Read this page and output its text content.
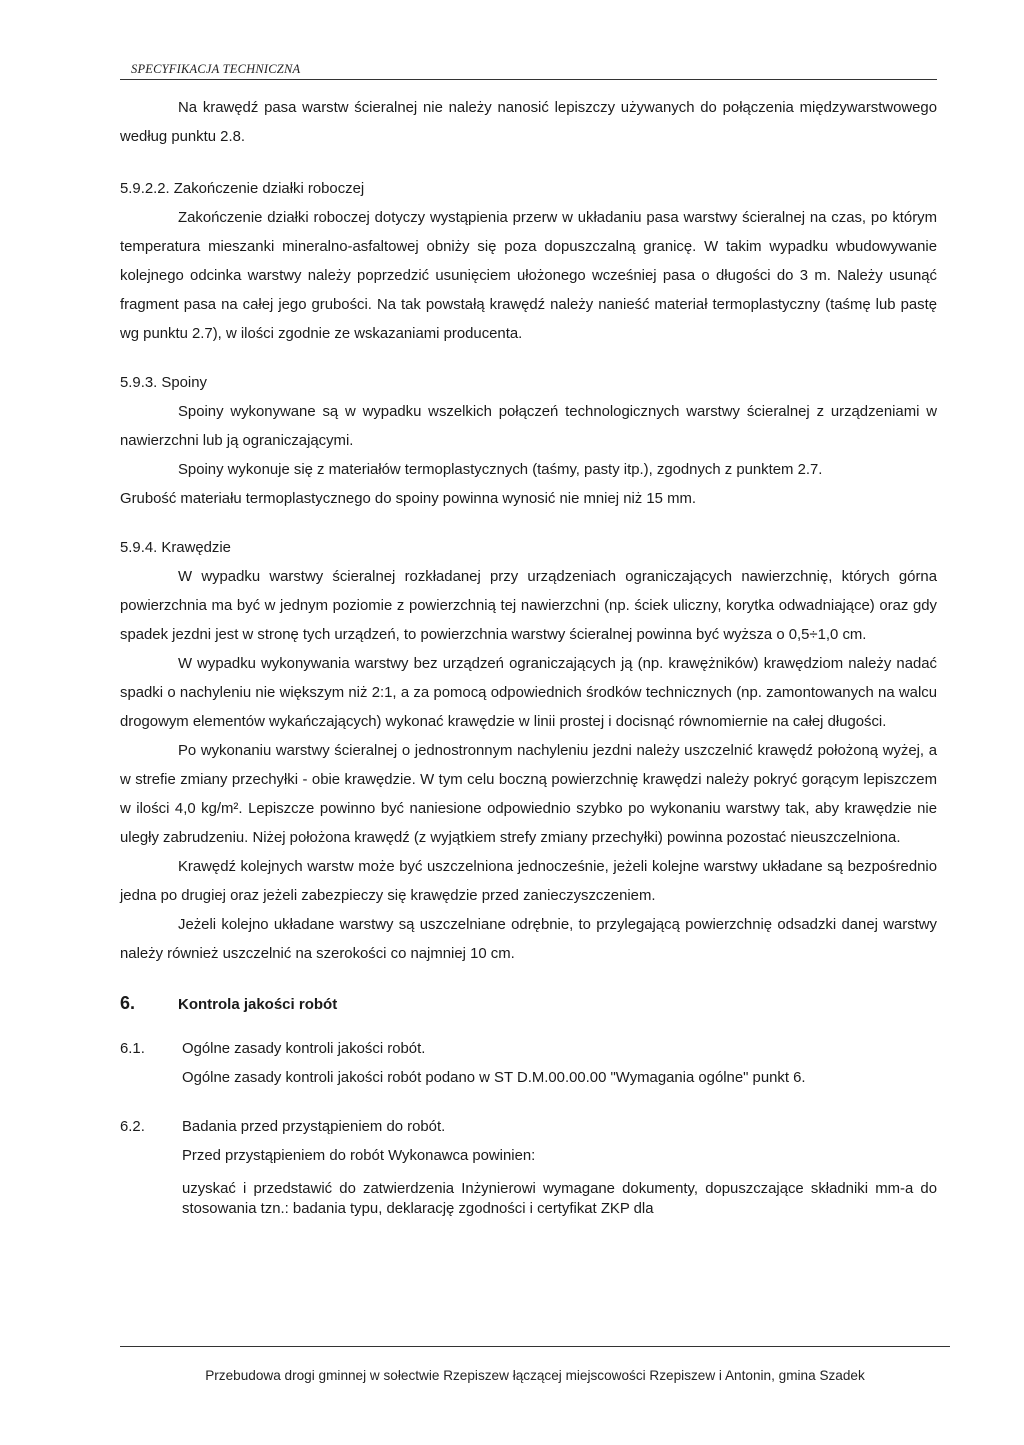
SPECYFIKACJA TECHNICZNA

Na krawędź pasa warstw ścieralnej nie należy nanosić lepiszczy używanych do połączenia międzywarstwowego według punktu 2.8.

5.9.2.2. Zakończenie działki roboczej

Zakończenie działki roboczej dotyczy wystąpienia przerw w układaniu pasa warstwy ścieralnej na czas, po którym temperatura mieszanki mineralno-asfaltowej obniży się poza dopuszczalną granicę. W takim wypadku wbudowywanie kolejnego odcinka warstwy należy poprzedzić usunięciem ułożonego wcześniej pasa o długości do 3 m. Należy usunąć fragment pasa na całej jego grubości. Na tak powstałą krawędź należy nanieść materiał termoplastyczny (taśmę lub pastę wg punktu 2.7), w ilości zgodnie ze wskazaniami producenta.

5.9.3. Spoiny

Spoiny wykonywane są w wypadku wszelkich połączeń technologicznych warstwy ścieralnej z urządzeniami w nawierzchni lub ją ograniczającymi.

Spoiny wykonuje się z materiałów termoplastycznych (taśmy, pasty itp.), zgodnych z punktem 2.7.

Grubość materiału termoplastycznego do spoiny powinna wynosić nie mniej niż 15 mm.

5.9.4. Krawędzie

W wypadku warstwy ścieralnej rozkładanej przy urządzeniach ograniczających nawierzchnię, których górna powierzchnia ma być w jednym poziomie z powierzchnią tej nawierzchni (np. ściek uliczny, korytka odwadniające) oraz gdy spadek jezdni jest w stronę tych urządzeń, to powierzchnia warstwy ścieralnej powinna być wyższa o 0,5÷1,0 cm.

W wypadku wykonywania warstwy bez urządzeń ograniczających ją (np. krawężników) krawędziom należy nadać spadki o nachyleniu nie większym niż 2:1, a za pomocą odpowiednich środków technicznych (np. zamontowanych na walcu drogowym elementów wykańczających) wykonać krawędzie w linii prostej i docisnąć równomiernie na całej długości.

Po wykonaniu warstwy ścieralnej o jednostronnym nachyleniu jezdni należy uszczelnić krawędź położoną wyżej, a w strefie zmiany przechyłki - obie krawędzie. W tym celu boczną powierzchnię krawędzi należy pokryć gorącym lepiszczem w ilości 4,0 kg/m². Lepiszcze powinno być naniesione odpowiednio szybko po wykonaniu warstwy tak, aby krawędzie nie uległy zabrudzeniu. Niżej położona krawędź (z wyjątkiem strefy zmiany przechyłki) powinna pozostać nieuszczelniona.

Krawędź kolejnych warstw może być uszczelniona jednocześnie, jeżeli kolejne warstwy układane są bezpośrednio jedna po drugiej oraz jeżeli zabezpieczy się krawędzie przed zanieczyszczeniem.

Jeżeli kolejno układane warstwy są uszczelniane odrębnie, to przylegającą powierzchnię odsadzki danej warstwy należy również uszczelnić na szerokości co najmniej 10 cm.

6.	Kontrola jakości robót
6.1.	Ogólne zasady kontroli jakości robót.
Ogólne zasady kontroli jakości robót podano w ST D.M.00.00.00 "Wymagania ogólne" punkt 6.
6.2.	Badania przed przystąpieniem do robót.
Przed przystąpieniem do robót Wykonawca powinien:
uzyskać i przedstawić do zatwierdzenia Inżynierowi wymagane dokumenty, dopuszczające składniki mm-a do stosowania tzn.: badania typu, deklarację zgodności i certyfikat ZKP dla
Przebudowa drogi gminnej w sołectwie Rzepiszew łączącej miejscowości Rzepiszew i Antonin, gmina Szadek
